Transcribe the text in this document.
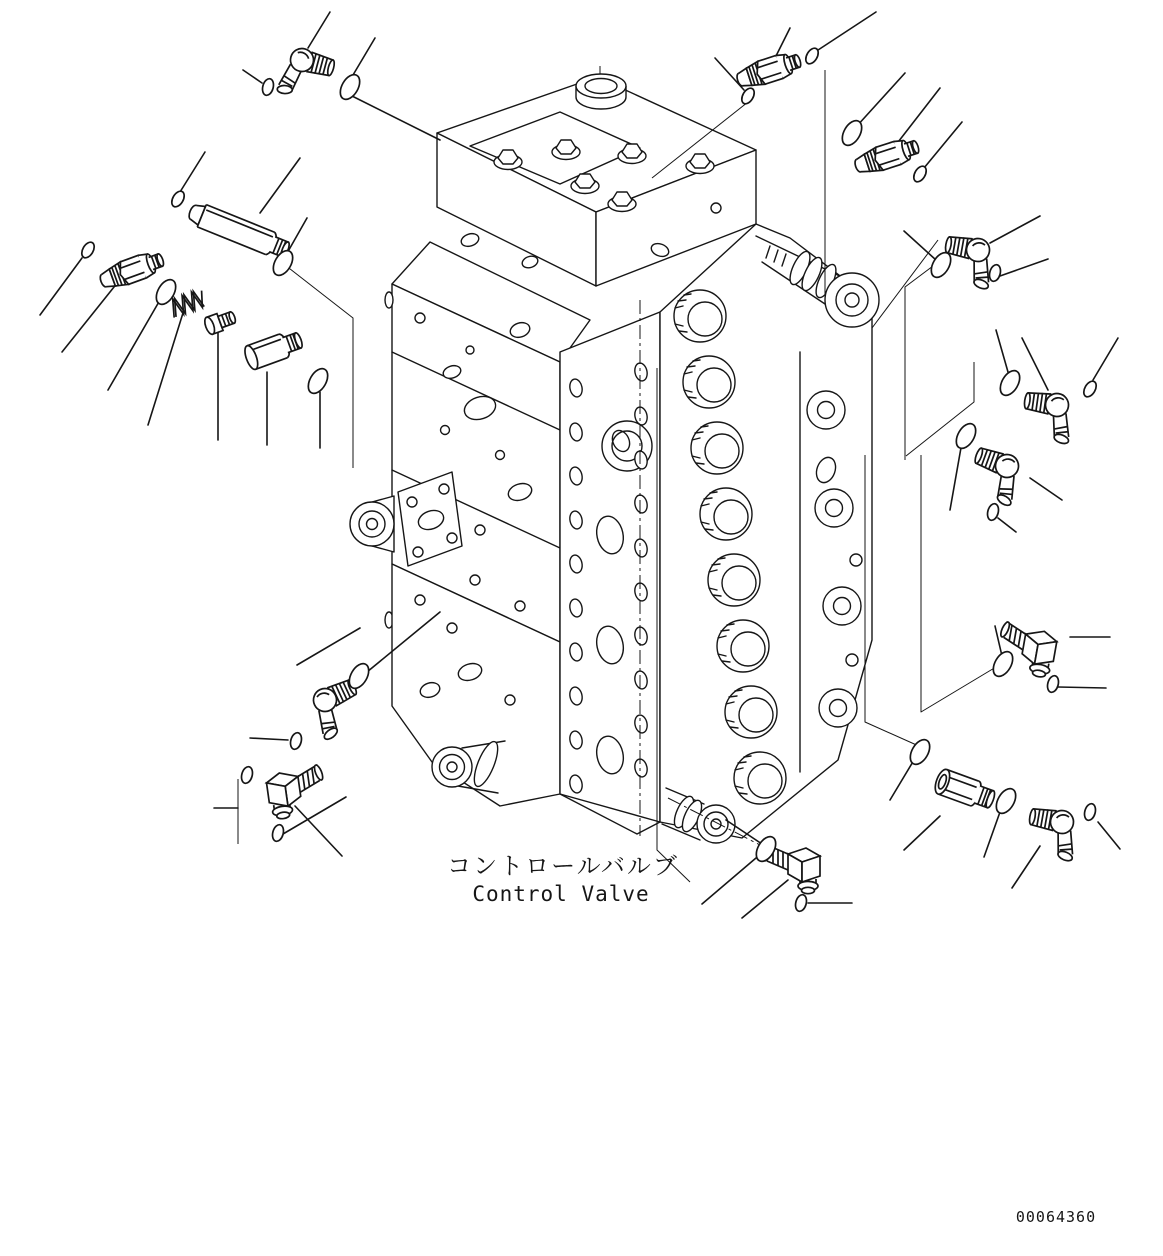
コントロールバルブ
Control Valve
00064360
